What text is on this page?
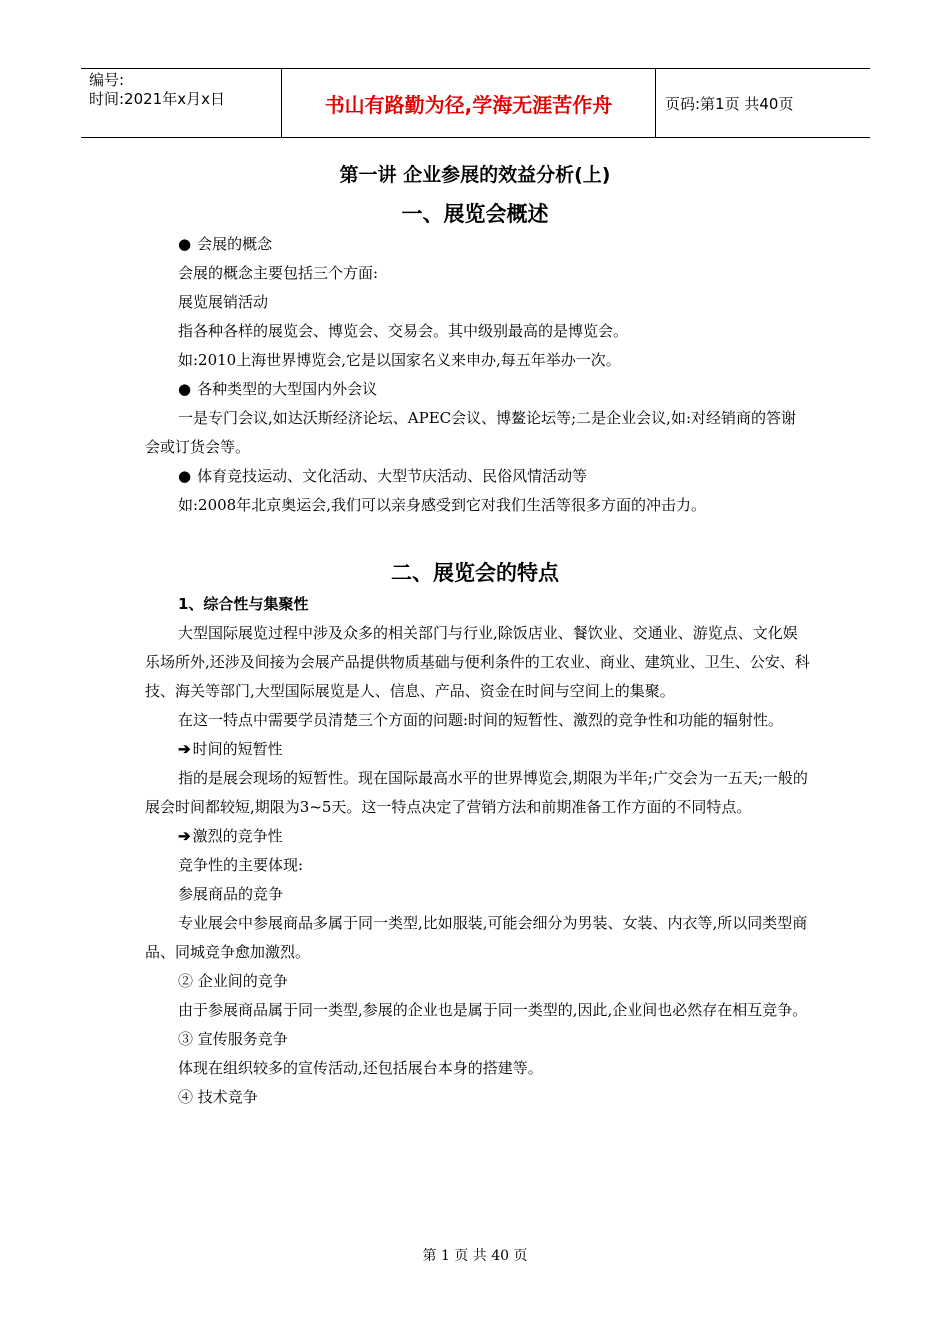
编号:
时间:2021年x月x日	书山有路勤为径,学海无涯苦作舟	页码:第1页 共40页
第一讲 企业参展的效益分析(上)
一、展览会概述

● 会展的概念

会展的概念主要包括三个方面:

展览展销活动

指各种各样的展览会、博览会、交易会。其中级别最高的是博览会。

如:2010上海世界博览会,它是以国家名义来申办,每五年举办一次。

● 各种类型的大型国内外会议

一是专门会议,如达沃斯经济论坛、APEC会议、博鳌论坛等;二是企业会议,如:对经销商的答谢会或订货会等。

● 体育竞技运动、文化活动、大型节庆活动、民俗风情活动等

如:2008年北京奥运会,我们可以亲身感受到它对我们生活等很多方面的冲击力。

二、展览会的特点

1、综合性与集聚性

大型国际展览过程中涉及众多的相关部门与行业,除饭店业、餐饮业、交通业、游览点、文化娱乐场所外,还涉及间接为会展产品提供物质基础与便利条件的工农业、商业、建筑业、卫生、公安、科技、海关等部门,大型国际展览是人、信息、产品、资金在时间与空间上的集聚。

在这一特点中需要学员清楚三个方面的问题:时间的短暂性、激烈的竞争性和功能的辐射性。

➔ 时间的短暂性

指的是展会现场的短暂性。现在国际最高水平的世界博览会,期限为半年;广交会为一五天;一般的展会时间都较短,期限为3~5天。这一特点决定了营销方法和前期准备工作方面的不同特点。

➔ 激烈的竞争性

竞争性的主要体现:

参展商品的竞争

专业展会中参展商品多属于同一类型,比如服装,可能会细分为男装、女装、内衣等,所以同类型商品、同城竞争愈加激烈。

② 企业间的竞争

由于参展商品属于同一类型,参展的企业也是属于同一类型的,因此,企业间也必然存在相互竞争。

③ 宣传服务竞争

体现在组织较多的宣传活动,还包括展台本身的搭建等。

④ 技术竞争

第 1 页 共 40 页
